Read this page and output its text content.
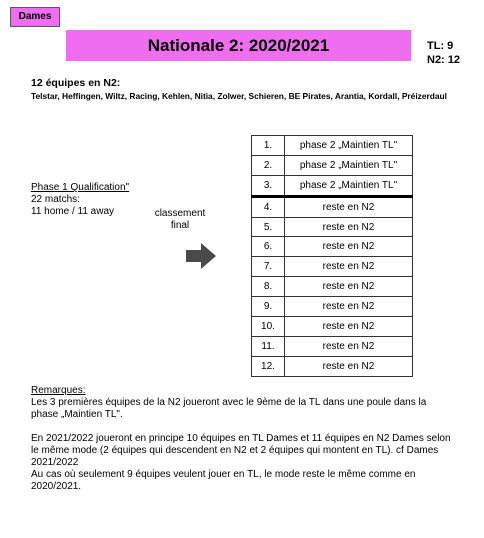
Dames
Nationale 2: 2020/2021	TL: 9
N2: 12
12 équipes en N2:
Telstar, Heffingen, Wiltz, Racing, Kehlen, Nitia, Zolwer, Schieren, BE Pirates, Arantia, Kordall, Préizerdaul
Phase 1 Qualification"
22 matchs:
11 home / 11 away	classement final
1.	phase 2 „Maintien TL"
2.	phase 2 „Maintien TL"
3.	phase 2 „Maintien TL"
4.	reste en N2
5.	reste en N2
6.	reste en N2
7.	reste en N2
8.	reste en N2
9.	reste en N2
10.	reste en N2
11.	reste en N2
12.	reste en N2
Remarques:

Les 3 premières équipes de la N2 joueront avec le 9ème de la TL dans une poule dans la phase „Maintien TL".

En 2021/2022 joueront en principe 10 équipes en TL Dames et 11 équipes en N2 Dames selon le même mode (2 équipes qui descendent en N2 et 2 équipes qui montent en TL). cf Dames 2021/2022

Au cas où seulement 9 équipes veulent jouer en TL, le mode reste le même comme en 2020/2021.
